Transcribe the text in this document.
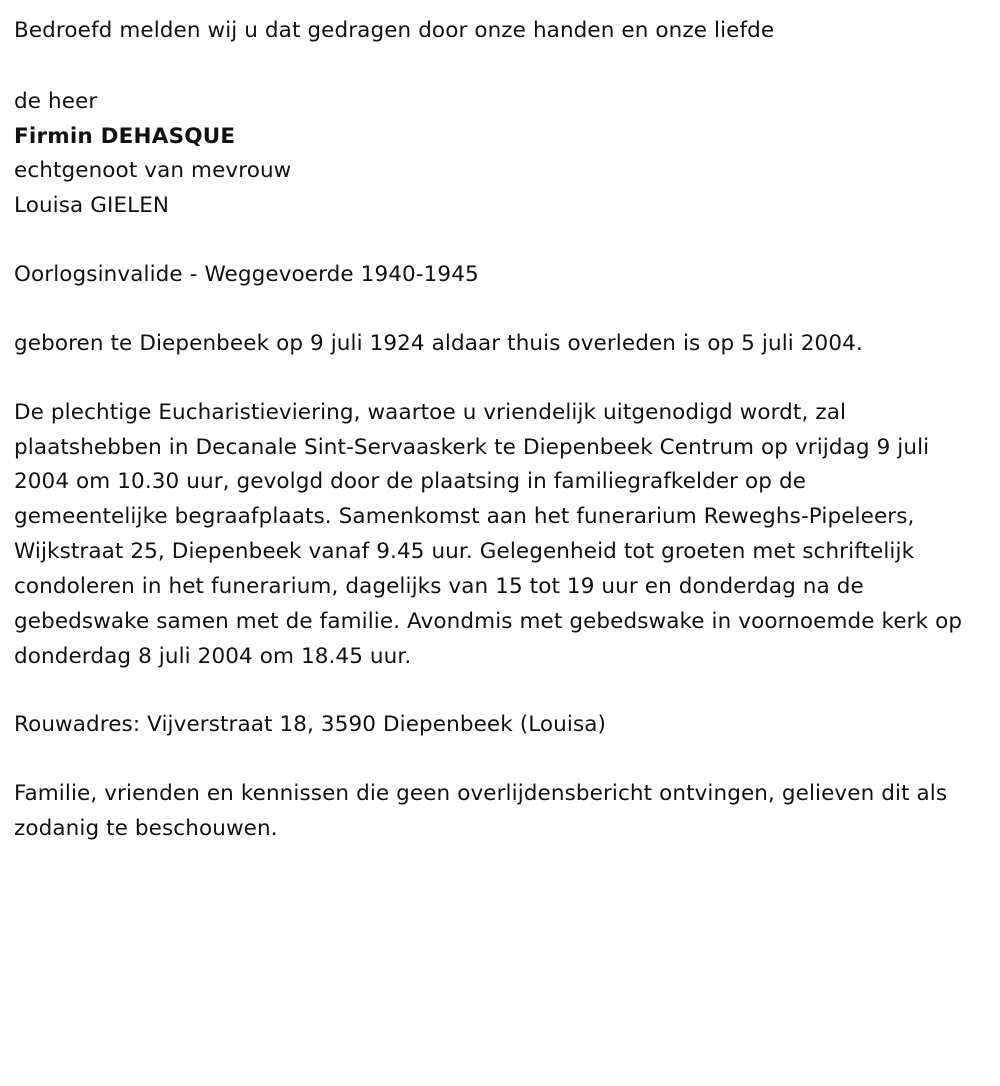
Bedroefd melden wij u dat gedragen door onze handen en onze liefde

de heer

Firmin DEHASQUE

echtgenoot van mevrouw

Louisa GIELEN

Oorlogsinvalide - Weggevoerde 1940-1945

geboren te Diepenbeek op 9 juli 1924 aldaar thuis overleden is op 5 juli 2004.

De plechtige Eucharistieviering, waartoe u vriendelijk uitgenodigd wordt, zal plaatshebben in Decanale Sint-Servaaskerk te Diepenbeek Centrum op vrijdag 9 juli 2004 om 10.30 uur, gevolgd door de plaatsing in familiegrafkelder op de gemeentelijke begraafplaats. Samenkomst aan het funerarium Reweghs-Pipeleers, Wijkstraat 25, Diepenbeek vanaf 9.45 uur. Gelegenheid tot groeten met schriftelijk condoleren in het funerarium, dagelijks van 15 tot 19 uur en donderdag na de gebedswake samen met de familie. Avondmis met gebedswake in voornoemde kerk op donderdag 8 juli 2004 om 18.45 uur.

Rouwadres: Vijverstraat 18, 3590 Diepenbeek (Louisa)

Familie, vrienden en kennissen die geen overlijdensbericht ontvingen, gelieven dit als zodanig te beschouwen.
